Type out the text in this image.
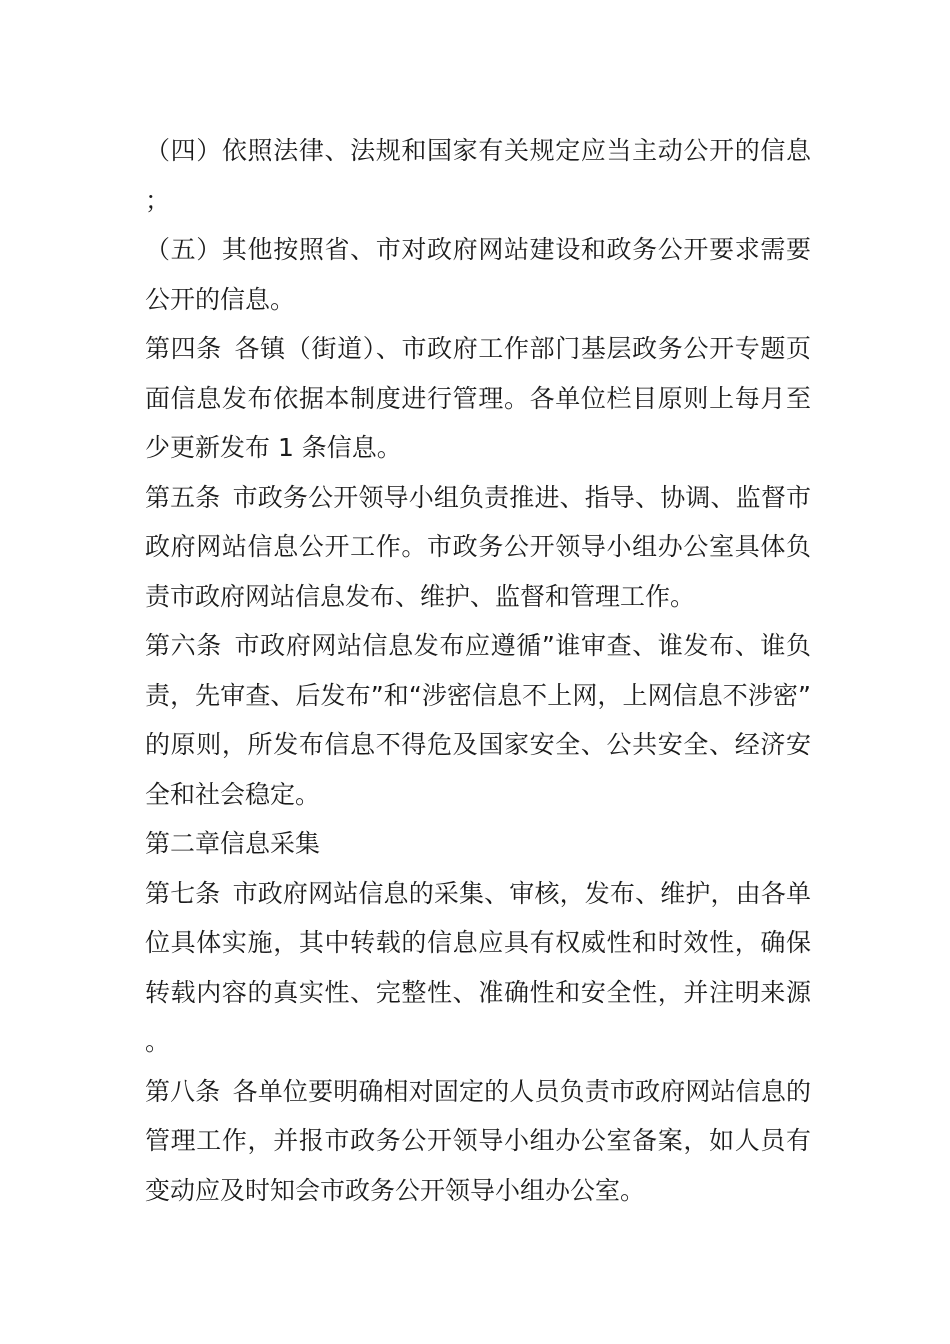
（四）依照法律、法规和国家有关规定应当主动公开的信息；

（五）其他按照省、市对政府网站建设和政务公开要求需要公开的信息。

第四条 各镇（街道）、市政府工作部门基层政务公开专题页面信息发布依据本制度进行管理。各单位栏目原则上每月至少更新发布 1 条信息。

第五条 市政务公开领导小组负责推进、指导、协调、监督市政府网站信息公开工作。市政务公开领导小组办公室具体负责市政府网站信息发布、维护、监督和管理工作。

第六条 市政府网站信息发布应遵循”谁审查、谁发布、谁负责，先审查、后发布”和“涉密信息不上网，上网信息不涉密”的原则，所发布信息不得危及国家安全、公共安全、经济安全和社会稳定。

第二章信息采集

第七条 市政府网站信息的采集、审核，发布、维护，由各单位具体实施，其中转载的信息应具有权威性和时效性，确保转载内容的真实性、完整性、准确性和安全性，并注明来源。

第八条 各单位要明确相对固定的人员负责市政府网站信息的管理工作，并报市政务公开领导小组办公室备案，如人员有变动应及时知会市政务公开领导小组办公室。
